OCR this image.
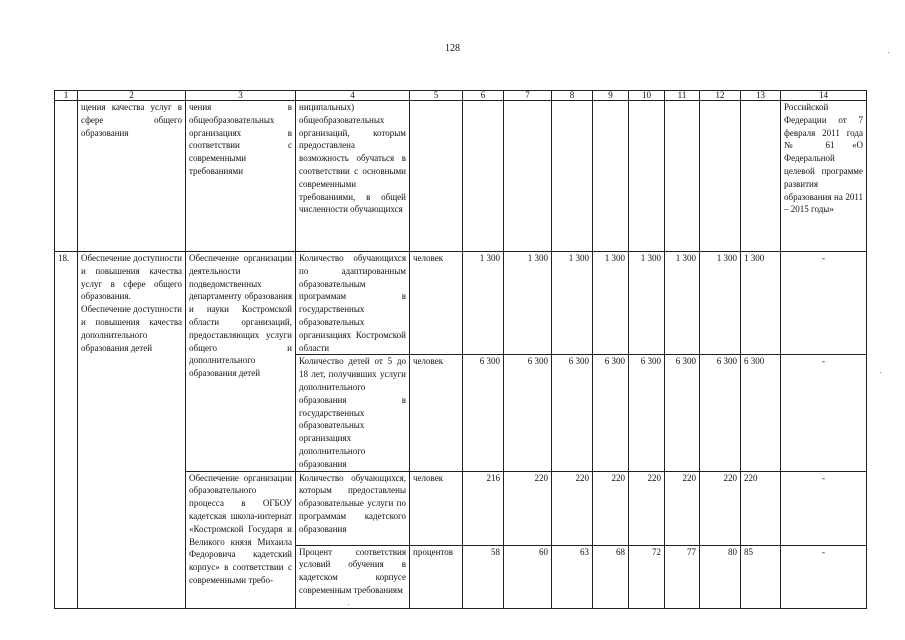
128
1	2	3	4	5	6	7	8	9	10	11	12	13	14
	щения качества услуг в сфере общего образования	чения в общеобразовательных организациях в соответствии с современными требованиями	ниципальных) общеобразовательных организаций, которым предоставлена возможность обучаться в соответствии с основными современными требованиями, в общей численности обучающихся										Российской Федерации от 7 февраля 2011 года № 61 «О Федеральной целевой программе развития образования на 2011 – 2015 годы»
18.	Обеспечение доступности и повышения качества услуг в сфере общего образования. Обеспечение доступности и повышения качества дополнительного образования детей	Обеспечение организации деятельности подведомственных департаменту образования и науки Костромской области организаций, предоставляющих услуги общего и дополнительного образования детей	Количество обучающихся по адаптированным образовательным программам в государственных образовательных организациях Костромской области	человек	1 300	1 300	1 300	1 300	1 300	1 300	1 300	1 300	-
			Количество детей от 5 до 18 лет, получивших услуги дополнительного образования в государственных образовательных организациях дополнительного образования	человек	6 300	6 300	6 300	6 300	6 300	6 300	6 300	6 300	-
		Обеспечение организации образовательного процесса в ОГБОУ кадетская школа-интернат «Костромской Государя и Великого князя Михаила Федоровича кадетский корпус» в соответствии с современными требо-	Количество обучающихся, которым предоставлены образовательные услуги по программам кадетского образования	человек	216	220	220	220	220	220	220	220	-
			Процент соответствия условий обучения в кадетском корпусе современным требованиям	процентов	58	60	63	68	72	77	80	85	-
